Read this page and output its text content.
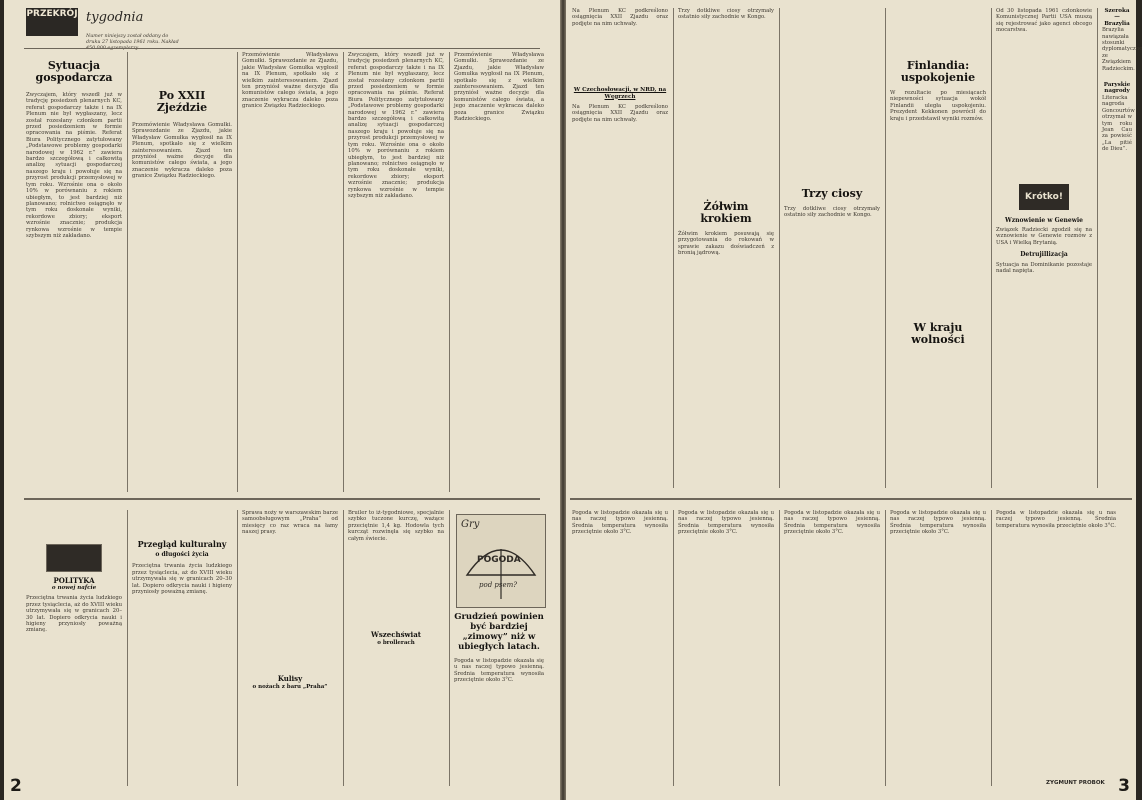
PRZEKRÓJ tygodnia
Numer niniejszy został oddany do druku 27 listopada 1961 roku. Nakład
Sytuacja gospodarcza
Zwyczajem, który wszedł już w tradycję posiedzeń plenarnych KC, referat gospodarczy także i na IX Plenum nie był wygłaszany, lecz został rozesłany członkom partii przed posiedzeniem w formie opracowania na piśmie. Referat Biura Politycznego zatytułowany „Podstawowe problemy gospodarki narodowej w 1962 r.” zawiera bardzo szczegółową i całkowitą analizę sytuacji gospodarczej naszego kraju i powołuje się na przyrost produkcji przemysłowej w tym roku. Wzrośnie ona o około 10% w porównaniu z rokiem ubiegłym, to jest bardziej niż planowano; rolnictwo osiągnęło w tym roku doskonałe wyniki, rekordowe zbiory; eksport wzrośnie znacznie; produkcja rynkowa wzrośnie w tempie szybszym niż zakładano.
Po XXII Zjeździe
Przemówienie Władysława Gomułki. Sprawozdanie ze Zjazdu, jakie Władysław Gomułka wygłosił na IX Plenum, spotkało się z wielkim zainteresowaniem. Zjazd ten przyniósł ważne decyzje dla komunistów całego świata, a jego znaczenie wykracza daleko poza granice Związku Radzieckiego.
Przemówienie Władysława Gomułki. Sprawozdanie ze Zjazdu, jakie Władysław Gomułka wygłosił na IX Plenum, spotkało się z wielkim zainteresowaniem. Zjazd ten przyniósł ważne decyzje dla komunistów całego świata, a jego znaczenie wykracza daleko poza granice Związku Radzieckiego.
Zwyczajem, który wszedł już w tradycję posiedzeń plenarnych KC, referat gospodarczy także i na IX Plenum nie był wygłaszany, lecz został rozesłany członkom partii przed posiedzeniem w formie opracowania na piśmie. Referat Biura Politycznego zatytułowany „Podstawowe problemy gospodarki narodowej w 1962 r.” zawiera bardzo szczegółową i całkowitą analizę sytuacji gospodarczej naszego kraju i powołuje się na przyrost produkcji przemysłowej w tym roku. Wzrośnie ona o około 10% w porównaniu z rokiem ubiegłym, to jest bardziej niż planowano; rolnictwo osiągnęło w tym roku doskonałe wyniki, rekordowe zbiory; eksport wzrośnie znacznie; produkcja rynkowa wzrośnie w tempie szybszym niż zakładano.
Przemówienie Władysława Gomułki. Sprawozdanie ze Zjazdu, jakie Władysław Gomułka wygłosił na IX Plenum, spotkało się z wielkim zainteresowaniem. Zjazd ten przyniósł ważne decyzje dla komunistów całego świata, a jego znaczenie wykracza daleko poza granice Związku Radzieckiego.
POLITYKA
o nowej nafcie
Przeciętna trwania życia ludzkiego przez tysiąclecia, aż do XVIII wieku utrzymywała się w granicach 20–30 lat. Dopiero odkrycia nauki i higieny przyniosły poważną zmianę.
Przegląd kulturalny
o długości życia
Przeciętna trwania życia ludzkiego przez tysiąclecia, aż do XVIII wieku utrzymywała się w granicach 20–30 lat. Dopiero odkrycia nauki i higieny przyniosły poważną zmianę.
Sprawa noży w warszawskim barze samoobsługowym „Praha” od miesięcy co raz wraca na łamy naszej prasy.
Kulisy
o nożach z baru „Praha”
Bruiler to iż-tygodniowe, specjalnie szybko tuczone kurczę, ważące przeciętnie 1,4 kg. Hodowla tych kurcząt rozwinęła się szybko na całym świecie.
Wszechświat
o brollerach
Gry
POGODA
pod psem?
Grudzień powinien być bardziej „zimowy” niż w ubiegłych latach.
Pogoda w listopadzie okazała się u nas raczej typowo jesienną. Średnia temperatura wynosiła przeciętnie około 3°C.
2
Na Plenum KC podkreślono osiągnięcia XXII Zjazdu oraz podjęte na nim uchwały.
W Czechosłowacji, w NRD, na Węgrzech
Na Plenum KC podkreślono osiągnięcia XXII Zjazdu oraz podjęte na nim uchwały.
Trzy dotkliwe ciosy otrzymały ostatnio siły zachodnie w Kongo.
Żółwim krokiem
Żółwim krokiem posuwają się przygotowania do rokowań w sprawie zakazu doświadczeń z bronią jądrową.
Trzy ciosy
Trzy dotkliwe ciosy otrzymały ostatnio siły zachodnie w Kongo.
Finlandia: uspokojenie
W rezultacie po miesiącach niepewności sytuacja wokół Finlandii uległa uspokojeniu. Prezydent Kekkonen powrócił do kraju i przedstawił wyniki rozmów.
W kraju wolności
Od 30 listopada 1961 członkowie Komunistycznej Partii USA muszą się rejestrować jako agenci obcego mocarstwa.
Krótko!
Wznowienie w Genewie
Związek Radziecki zgodził się na wznowienie w Genewie rozmów z USA i Wielką Brytanią.
Detrujillizacja
Sytuacja na Dominikanie pozostaje nadal napięta.
Szeroka — Brazylia
Brazylia nawiązała stosunki dyplomatyczne ze Związkiem Radzieckim.
Paryskie nagrody
Literacka nagroda Goncourtów otrzymał w tym roku Jean Cau za powieść „La pitié de Dieu”.
Pogoda w listopadzie okazała się u nas raczej typowo jesienną. Średnia temperatura wynosiła przeciętnie około 3°C.
Pogoda w listopadzie okazała się u nas raczej typowo jesienną. Średnia temperatura wynosiła przeciętnie około 3°C.
Pogoda w listopadzie okazała się u nas raczej typowo jesienną. Średnia temperatura wynosiła przeciętnie około 3°C.
Pogoda w listopadzie okazała się u nas raczej typowo jesienną. Średnia temperatura wynosiła przeciętnie około 3°C.
Pogoda w listopadzie okazała się u nas raczej typowo jesienną. Średnia temperatura wynosiła przeciętnie około 3°C.
ZYGMUNT PROBOK 3
